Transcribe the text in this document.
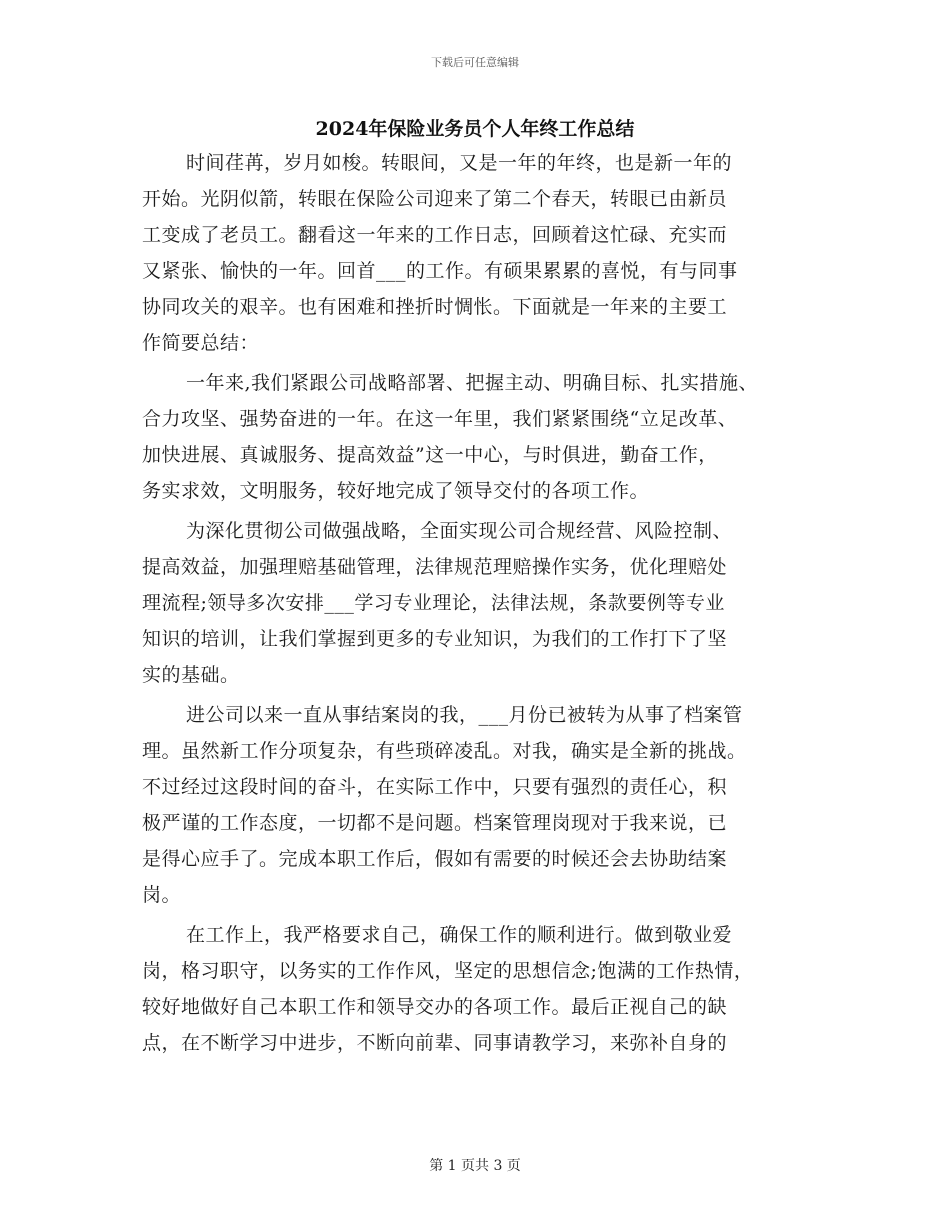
下载后可任意编辑
2024年保险业务员个人年终工作总结
时间荏苒，岁月如梭。转眼间，又是一年的年终，也是新一年的
开始。光阴似箭，转眼在保险公司迎来了第二个春天，转眼已由新员
工变成了老员工。翻看这一年来的工作日志，回顾着这忙碌、充实而
又紧张、愉快的一年。回首___的工作。有硕果累累的喜悦，有与同事
协同攻关的艰辛。也有困难和挫折时惆怅。下面就是一年来的主要工
作简要总结：
一年来,我们紧跟公司战略部署、把握主动、明确目标、扎实措施、
合力攻坚、强势奋进的一年。在这一年里，我们紧紧围绕“立足改革、
加快进展、真诚服务、提高效益”这一中心，与时俱进，勤奋工作，
务实求效，文明服务，较好地完成了领导交付的各项工作。
为深化贯彻公司做强战略，全面实现公司合规经营、风险控制、
提高效益，加强理赔基础管理，法律规范理赔操作实务，优化理赔处
理流程;领导多次安排___学习专业理论，法律法规，条款要例等专业
知识的培训，让我们掌握到更多的专业知识，为我们的工作打下了坚
实的基础。
进公司以来一直从事结案岗的我，___月份已被转为从事了档案管
理。虽然新工作分项复杂，有些琐碎凌乱。对我，确实是全新的挑战。
不过经过这段时间的奋斗，在实际工作中，只要有强烈的责任心，积
极严谨的工作态度，一切都不是问题。档案管理岗现对于我来说，已
是得心应手了。完成本职工作后，假如有需要的时候还会去协助结案
岗。
在工作上，我严格要求自己，确保工作的顺利进行。做到敬业爱
岗，格习职守，以务实的工作作风，坚定的思想信念;饱满的工作热情，
较好地做好自己本职工作和领导交办的各项工作。最后正视自己的缺
点，在不断学习中进步，不断向前辈、同事请教学习，来弥补自身的
第 1 页共 3 页
